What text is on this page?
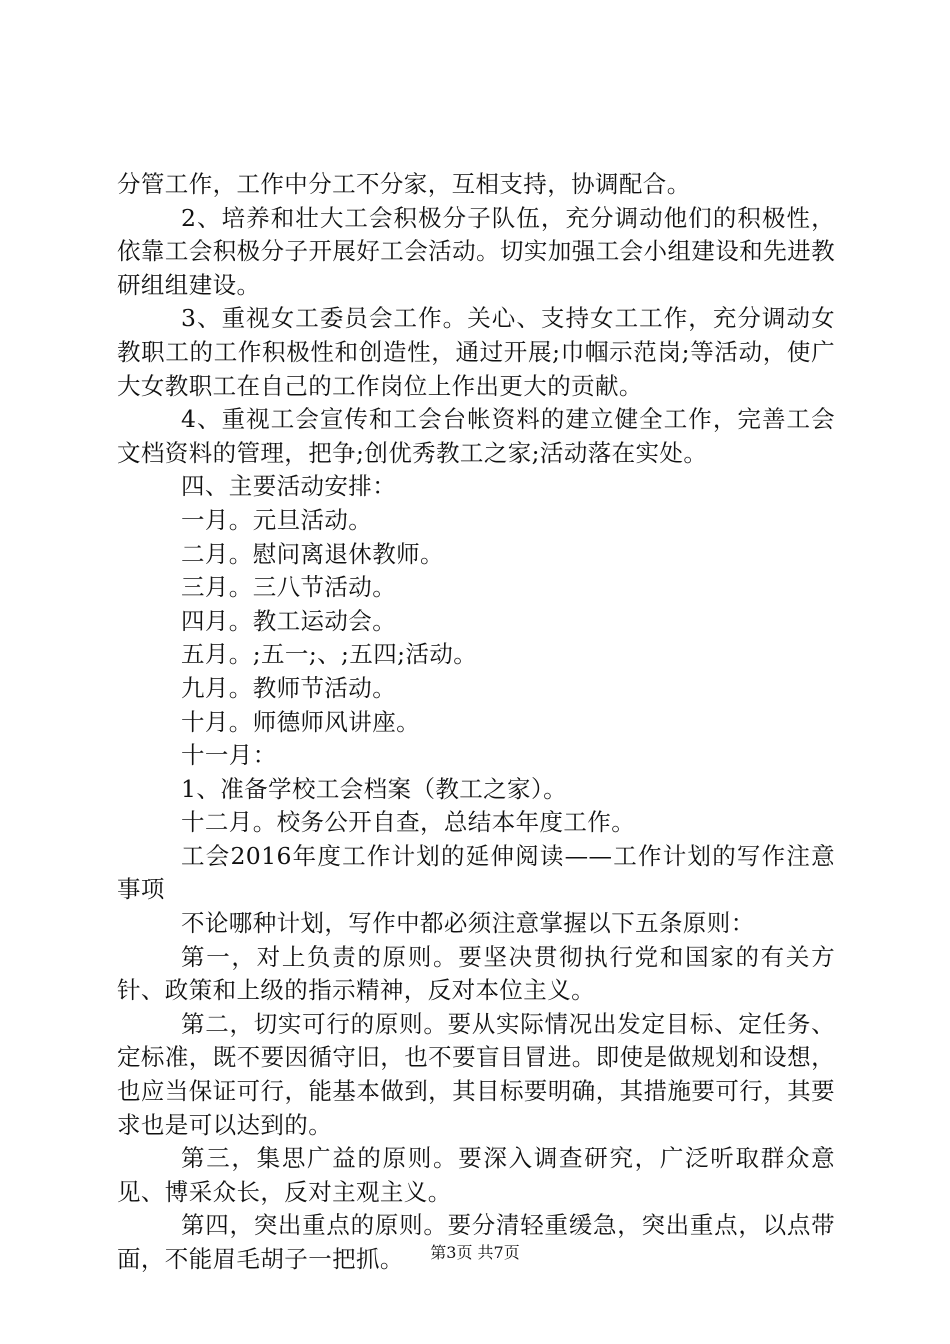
分管工作，工作中分工不分家，互相支持，协调配合。

2、培养和壮大工会积极分子队伍，充分调动他们的积极性，依靠工会积极分子开展好工会活动。切实加强工会小组建设和先进教研组组建设。

3、重视女工委员会工作。关心、支持女工工作，充分调动女教职工的工作积极性和创造性，通过开展;巾帼示范岗;等活动，使广大女教职工在自己的工作岗位上作出更大的贡献。

4、重视工会宣传和工会台帐资料的建立健全工作，完善工会文档资料的管理，把争;创优秀教工之家;活动落在实处。

四、主要活动安排：

一月。元旦活动。

二月。慰问离退休教师。

三月。三八节活动。

四月。教工运动会。

五月。;五一;、;五四;活动。

九月。教师节活动。

十月。师德师风讲座。

十一月：

1、准备学校工会档案（教工之家）。

十二月。校务公开自查，总结本年度工作。

工会2016年度工作计划的延伸阅读——工作计划的写作注意事项

不论哪种计划，写作中都必须注意掌握以下五条原则：

第一，对上负责的原则。要坚决贯彻执行党和国家的有关方针、政策和上级的指示精神，反对本位主义。

第二，切实可行的原则。要从实际情况出发定目标、定任务、定标准，既不要因循守旧，也不要盲目冒进。即使是做规划和设想，也应当保证可行，能基本做到，其目标要明确，其措施要可行，其要求也是可以达到的。

第三，集思广益的原则。要深入调查研究，广泛听取群众意见、博采众长，反对主观主义。

第四，突出重点的原则。要分清轻重缓急，突出重点，以点带面，不能眉毛胡子一把抓。	第3页 共7页
